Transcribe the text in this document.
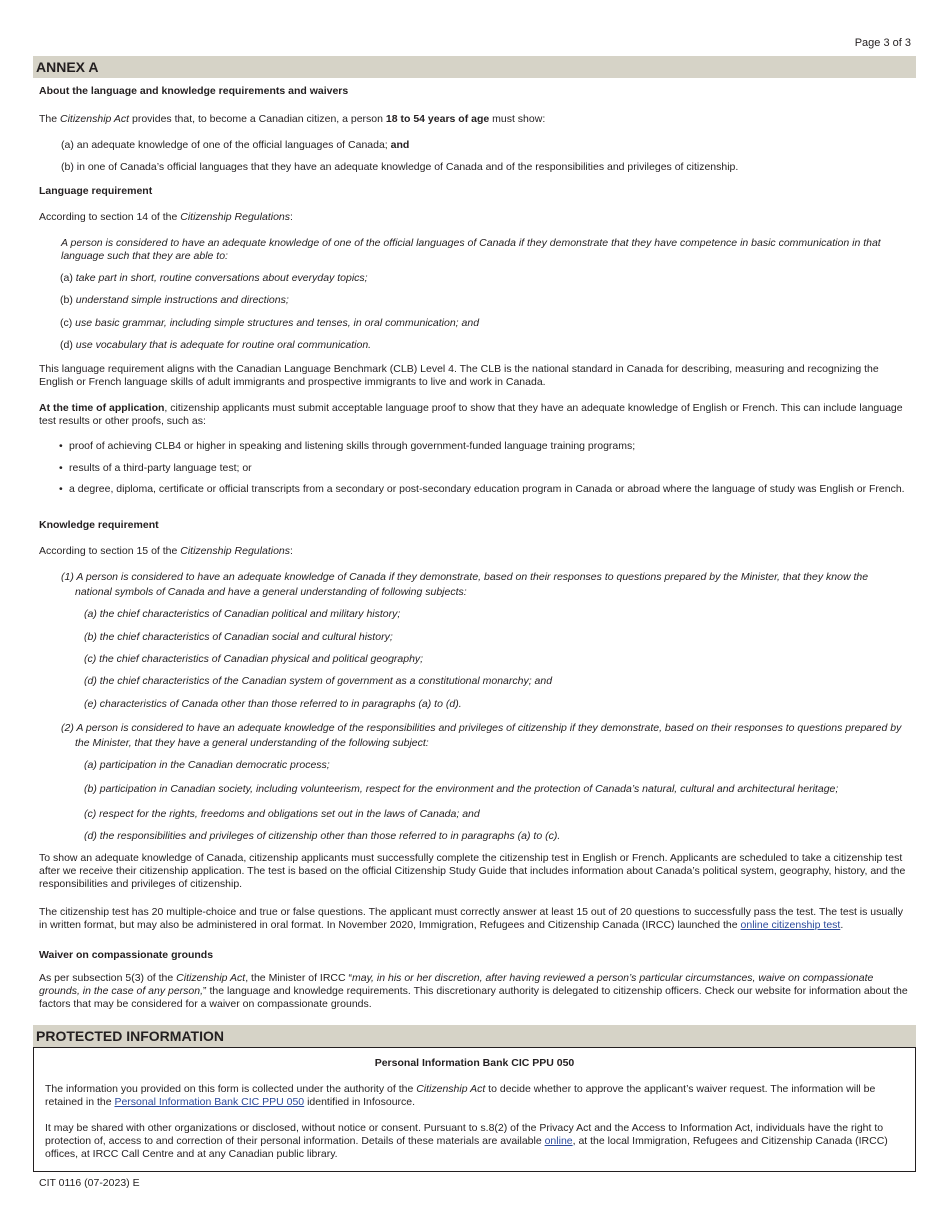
Page 3 of 3
ANNEX A

About the language and knowledge requirements and waivers

The Citizenship Act provides that, to become a Canadian citizen, a person 18 to 54 years of age must show:

(a) an adequate knowledge of one of the official languages of Canada; and

(b) in one of Canada’s official languages that they have an adequate knowledge of Canada and of the responsibilities and privileges of citizenship.

Language requirement

According to section 14 of the Citizenship Regulations:

A person is considered to have an adequate knowledge of one of the official languages of Canada if they demonstrate that they have competence in basic communication in that language such that they are able to:

(a) take part in short, routine conversations about everyday topics;

(b) understand simple instructions and directions;

(c) use basic grammar, including simple structures and tenses, in oral communication; and

(d) use vocabulary that is adequate for routine oral communication.

This language requirement aligns with the Canadian Language Benchmark (CLB) Level 4. The CLB is the national standard in Canada for describing, measuring and recognizing the English or French language skills of adult immigrants and prospective immigrants to live and work in Canada.

At the time of application, citizenship applicants must submit acceptable language proof to show that they have an adequate knowledge of English or French. This can include language test results or other proofs, such as:

• proof of achieving CLB4 or higher in speaking and listening skills through government-funded language training programs;
• results of a third-party language test; or
• a degree, diploma, certificate or official transcripts from a secondary or post-secondary education program in Canada or abroad where the language of study was English or French.

Knowledge requirement

According to section 15 of the Citizenship Regulations:

(1) A person is considered to have an adequate knowledge of Canada if they demonstrate, based on their responses to questions prepared by the Minister, that they know the national symbols of Canada and have a general understanding of following subjects:

(a) the chief characteristics of Canadian political and military history;

(b) the chief characteristics of Canadian social and cultural history;

(c) the chief characteristics of Canadian physical and political geography;

(d) the chief characteristics of the Canadian system of government as a constitutional monarchy; and

(e) characteristics of Canada other than those referred to in paragraphs (a) to (d).

(2) A person is considered to have an adequate knowledge of the responsibilities and privileges of citizenship if they demonstrate, based on their responses to questions prepared by the Minister, that they have a general understanding of the following subject:

(a) participation in the Canadian democratic process;

(b) participation in Canadian society, including volunteerism, respect for the environment and the protection of Canada’s natural, cultural and architectural heritage;

(c) respect for the rights, freedoms and obligations set out in the laws of Canada; and

(d) the responsibilities and privileges of citizenship other than those referred to in paragraphs (a) to (c).

To show an adequate knowledge of Canada, citizenship applicants must successfully complete the citizenship test in English or French. Applicants are scheduled to take a citizenship test after we receive their citizenship application. The test is based on the official Citizenship Study Guide that includes information about Canada’s political system, geography, history, and the responsibilities and privileges of citizenship.

The citizenship test has 20 multiple-choice and true or false questions. The applicant must correctly answer at least 15 out of 20 questions to successfully pass the test. The test is usually in written format, but may also be administered in oral format. In November 2020, Immigration, Refugees and Citizenship Canada (IRCC) launched the online citizenship test.

Waiver on compassionate grounds

As per subsection 5(3) of the Citizenship Act, the Minister of IRCC “may, in his or her discretion, after having reviewed a person’s particular circumstances, waive on compassionate grounds, in the case of any person,” the language and knowledge requirements. This discretionary authority is delegated to citizenship officers. Check our website for information about the factors that may be considered for a waiver on compassionate grounds.

PROTECTED INFORMATION

Personal Information Bank CIC PPU 050

The information you provided on this form is collected under the authority of the Citizenship Act to decide whether to approve the applicant’s waiver request. The information will be retained in the Personal Information Bank CIC PPU 050 identified in Infosource.

It may be shared with other organizations or disclosed, without notice or consent. Pursuant to s.8(2) of the Privacy Act and the Access to Information Act, individuals have the right to protection of, access to and correction of their personal information. Details of these materials are available online, at the local Immigration, Refugees and Citizenship Canada (IRCC) offices, at IRCC Call Centre and at any Canadian public library.

CIT 0116 (07-2023) E
